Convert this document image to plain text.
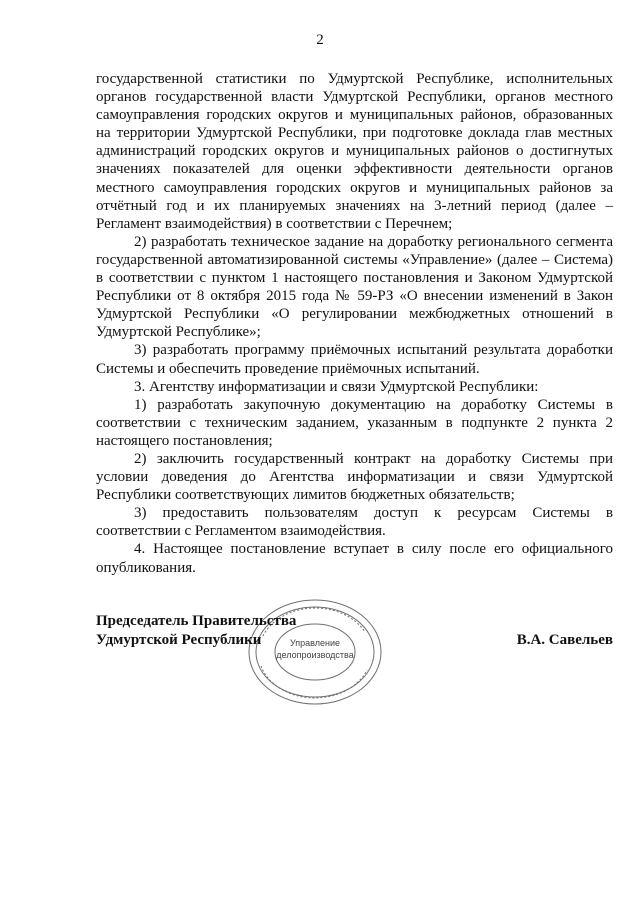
2

государственной статистики по Удмуртской Республике, исполнительных органов государственной власти Удмуртской Республики, органов местного самоуправления городских округов и муниципальных районов, образованных на территории Удмуртской Республики, при подготовке доклада глав местных администраций городских округов и муниципальных районов о достигнутых значениях показателей для оценки эффективности деятельности органов местного самоуправления городских округов и муниципальных районов за отчётный год и их планируемых значениях на 3-летний период (далее – Регламент взаимодействия) в соответствии с Перечнем;

2) разработать техническое задание на доработку регионального сегмента государственной автоматизированной системы «Управление» (далее – Система) в соответствии с пунктом 1 настоящего постановления и Законом Удмуртской Республики от 8 октября 2015 года № 59-РЗ «О внесении изменений в Закон Удмуртской Республики «О регулировании межбюджетных отношений в Удмуртской Республике»;

3) разработать программу приёмочных испытаний результата доработки Системы и обеспечить проведение приёмочных испытаний.

3. Агентству информатизации и связи Удмуртской Республики:

1) разработать закупочную документацию на доработку Системы в соответствии с техническим заданием, указанным в подпункте 2 пункта 2 настоящего постановления;

2) заключить государственный контракт на доработку Системы при условии доведения до Агентства информатизации и связи Удмуртской Республики соответствующих лимитов бюджетных обязательств;

3) предоставить пользователям доступ к ресурсам Системы в соответствии с Регламентом взаимодействия.

4. Настоящее постановление вступает в силу после его официального опубликования.

Управление
делопроизводства
Председатель Правительства
Удмуртской Республики	В.А. Савельев
